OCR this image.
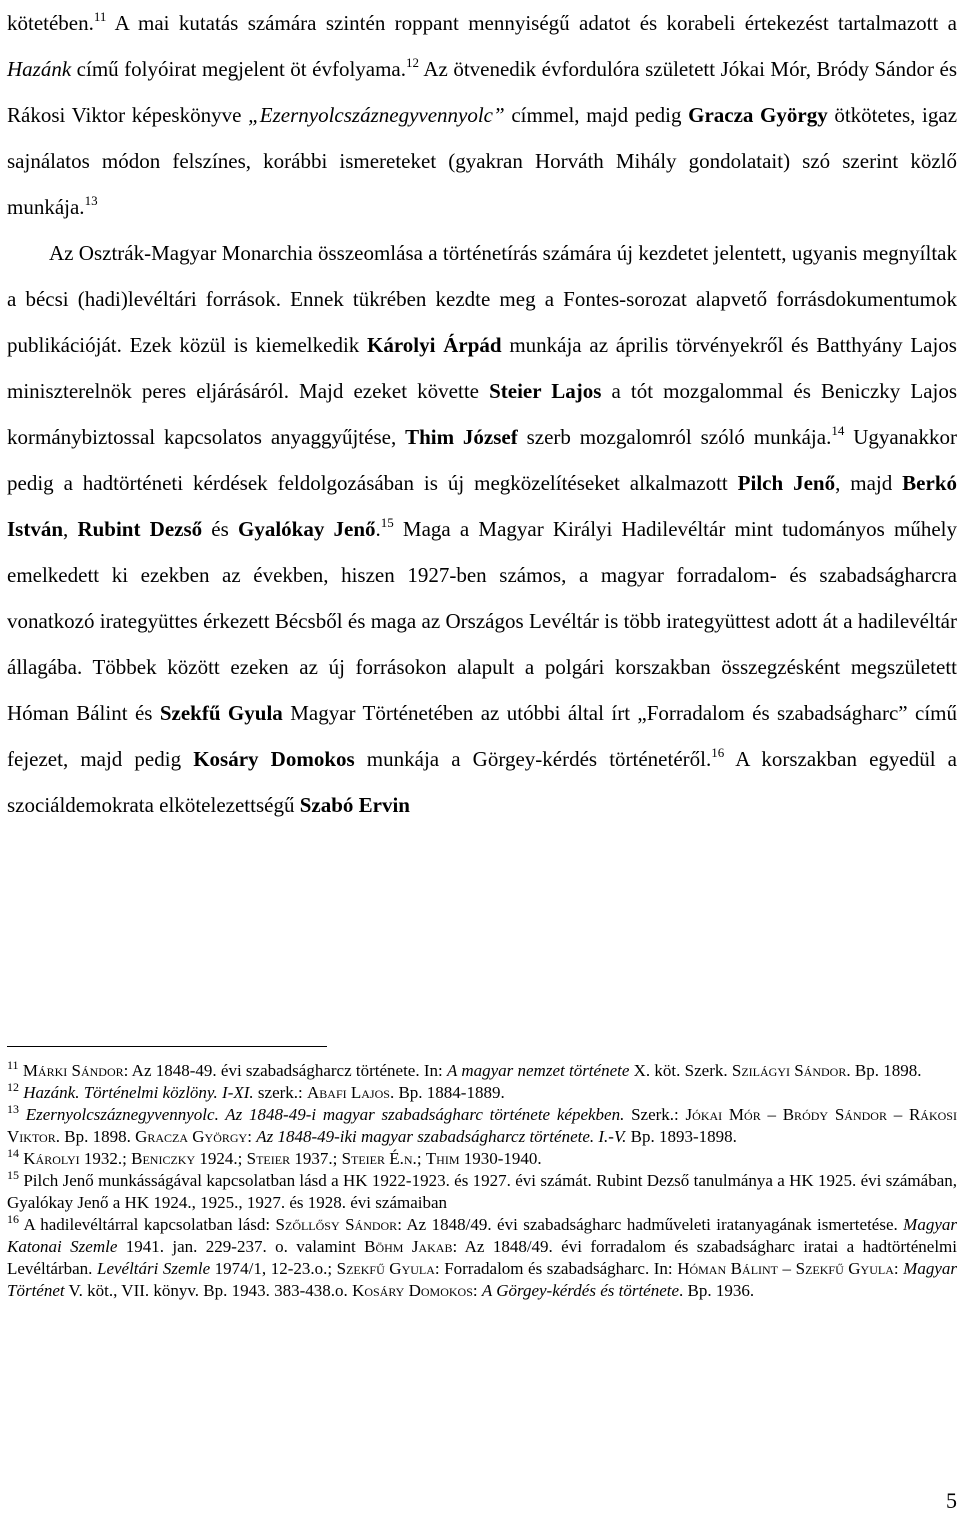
kötetében.$^{11}$ A mai kutatás számára szintén roppant mennyiségű adatot és korabeli értekezést tartalmazott a Hazánk című folyóirat megjelent öt évfolyama.$^{12}$ Az ötvenedik évfordulóra született Jókai Mór, Bródy Sándor és Rákosi Viktor képeskönyve „Ezernyolcszáznegyvennyolc” címmel, majd pedig Gracza György ötkötetes, igaz sajnálatos módon felszínes, korábbi ismereteket (gyakran Horváth Mihály gondolatait) szó szerint közlő munkája.$^{13}$

Az Osztrák-Magyar Monarchia összeomlása a történetírás számára új kezdetet jelentett, ugyanis megnyíltak a bécsi (hadi)levéltári források. Ennek tükrében kezdte meg a Fontes-sorozat alapvető forrásdokumentumok publikációját. Ezek közül is kiemelkedik Károlyi Árpád munkája az április törvényekről és Batthyány Lajos miniszterelnök peres eljárásáról. Majd ezeket követte Steier Lajos a tót mozgalommal és Beniczky Lajos kormánybiztossal kapcsolatos anyaggyűjtése, Thim József szerb mozgalomról szóló munkája.$^{14}$ Ugyanakkor pedig a hadtörténeti kérdések feldolgozásában is új megközelítéseket alkalmazott Pilch Jenő, majd Berkó István, Rubint Dezső és Gyalókay Jenő.$^{15}$ Maga a Magyar Királyi Hadilevéltár mint tudományos műhely emelkedett ki ezekben az években, hiszen 1927-ben számos, a magyar forradalom- és szabadságharcra vonatkozó irategyüttes érkezett Bécsből és maga az Országos Levéltár is több irategyüttest adott át a hadilevéltár állagába. Többek között ezeken az új forrásokon alapult a polgári korszakban összegzésként megszületett Hóman Bálint és Szekfű Gyula Magyar Történetében az utóbbi által írt „Forradalom és szabadságharc” című fejezet, majd pedig Kosáry Domokos munkája a Görgey-kérdés történetéről.$^{16}$ A korszakban egyedül a szociáldemokrata elkötelezettségű Szabó Ervin

$^{11}$ Márki Sándor: Az 1848-49. évi szabadságharcz története. In: A magyar nemzet története X. köt. Szerk. Szilágyi Sándor. Bp. 1898.

$^{12}$ Hazánk. Történelmi közlöny. I-XI. szerk.: Abafi Lajos. Bp. 1884-1889.

$^{13}$ Ezernyolcszáznegyvennyolc. Az 1848-49-i magyar szabadságharc története képekben. Szerk.: Jókai Mór – Bródy Sándor – Rákosi Viktor. Bp. 1898. Gracza György: Az 1848-49-iki magyar szabadságharcz története. I.-V. Bp. 1893-1898.

$^{14}$ Károlyi 1932.; Beniczky 1924.; Steier 1937.; Steier É.n.; Thim 1930-1940.

$^{15}$ Pilch Jenő munkásságával kapcsolatban lásd a HK 1922-1923. és 1927. évi számát. Rubint Dezső tanulmánya a HK 1925. évi számában, Gyalókay Jenő a HK 1924., 1925., 1927. és 1928. évi számaiban

$^{16}$ A hadilevéltárral kapcsolatban lásd: Szőllősy Sándor: Az 1848/49. évi szabadságharc hadműveleti iratanyagának ismertetése. Magyar Katonai Szemle 1941. jan. 229-237. o. valamint Böhm Jakab: Az 1848/49. évi forradalom és szabadságharc iratai a hadtörténelmi Levéltárban. Levéltári Szemle 1974/1, 12-23.o.; Szekfű Gyula: Forradalom és szabadságharc. In: Hóman Bálint – Szekfű Gyula: Magyar Történet V. köt., VII. könyv. Bp. 1943. 383-438.o. Kosáry Domokos: A Görgey-kérdés és története. Bp. 1936.

5
